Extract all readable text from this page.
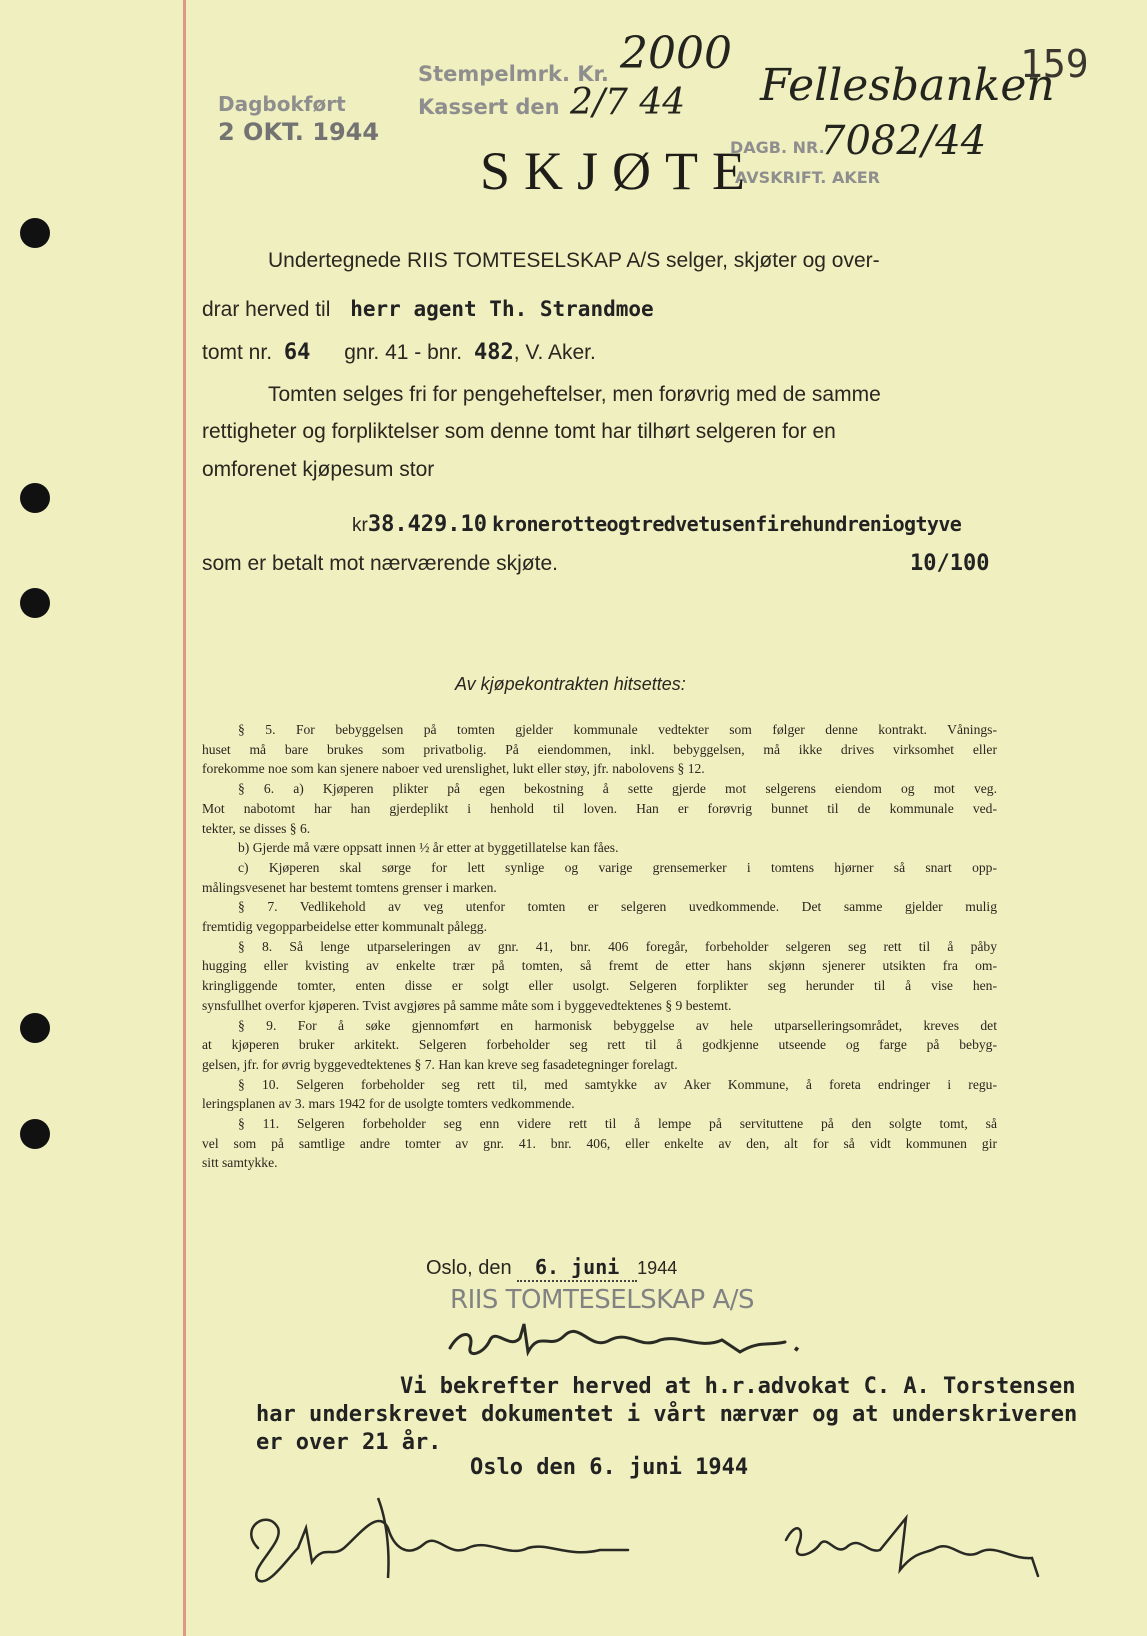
Dagbokført
2 OKT. 1944
Stempelmrk. Kr.
Kassert den 2/7 44
2000
Fellesbanken
DAGB. NR.
7082/44
AVSKRIFT. AKER
159
SKJØTE
Undertegnede RIIS TOMTESELSKAP A/S selger, skjøter og over-
drar herved til herr agent Th. Strandmoe
tomt nr. 64 gnr. 41 - bnr. 482, V. Aker.
Tomten selges fri for pengeheftelser, men forøvrig med de samme
rettigheter og forpliktelser som denne tomt har tilhørt selgeren for en
omforenet kjøpesum stor
kr38.429.10 kronerotteogtredvetusenfirehundreniogtyve
som er betalt mot nærværende skjøte.	10/100
Av kjøpekontrakten hitsettes:

§ 5. For bebyggelsen på tomten gjelder kommunale vedtekter som følger denne kontrakt. Vånings-

huset må bare brukes som privatbolig. På eiendommen, inkl. bebyggelsen, må ikke drives virksomhet eller

forekomme noe som kan sjenere naboer ved urenslighet, lukt eller støy, jfr. nabolovens § 12.

§ 6. a) Kjøperen plikter på egen bekostning å sette gjerde mot selgerens eiendom og mot veg.

Mot nabotomt har han gjerdeplikt i henhold til loven. Han er forøvrig bunnet til de kommunale ved-

tekter, se disses § 6.

b) Gjerde må være oppsatt innen ½ år etter at byggetillatelse kan fåes.

c) Kjøperen skal sørge for lett synlige og varige grensemerker i tomtens hjørner så snart opp-

målingsvesenet har bestemt tomtens grenser i marken.

§ 7. Vedlikehold av veg utenfor tomten er selgeren uvedkommende. Det samme gjelder mulig

fremtidig vegopparbeidelse etter kommunalt pålegg.

§ 8. Så lenge utparseleringen av gnr. 41, bnr. 406 foregår, forbeholder selgeren seg rett til å påby

hugging eller kvisting av enkelte trær på tomten, så fremt de etter hans skjønn sjenerer utsikten fra om-

kringliggende tomter, enten disse er solgt eller usolgt. Selgeren forplikter seg herunder til å vise hen-

synsfullhet overfor kjøperen. Tvist avgjøres på samme måte som i byggevedtektenes § 9 bestemt.

§ 9. For å søke gjennomført en harmonisk bebyggelse av hele utparselleringsområdet, kreves det

at kjøperen bruker arkitekt. Selgeren forbeholder seg rett til å godkjenne utseende og farge på bebyg-

gelsen, jfr. for øvrig byggevedtektenes § 7. Han kan kreve seg fasadetegninger forelagt.

§ 10. Selgeren forbeholder seg rett til, med samtykke av Aker Kommune, å foreta endringer i regu-

leringsplanen av 3. mars 1942 for de usolgte tomters vedkommende.

§ 11. Selgeren forbeholder seg enn videre rett til å lempe på servituttene på den solgte tomt, så

vel som på samtlige andre tomter av gnr. 41. bnr. 406, eller enkelte av den, alt for så vidt kommunen gir

sitt samtykke.

Oslo, den 6. juni 1944
RIIS TOMTESELSKAP A/S
Vi bekrefter herved at h.r.advokat C. A. Torstensen
har underskrevet dokumentet i vårt nærvær og at underskriveren
er over 21 år.
Oslo den 6. juni 1944
